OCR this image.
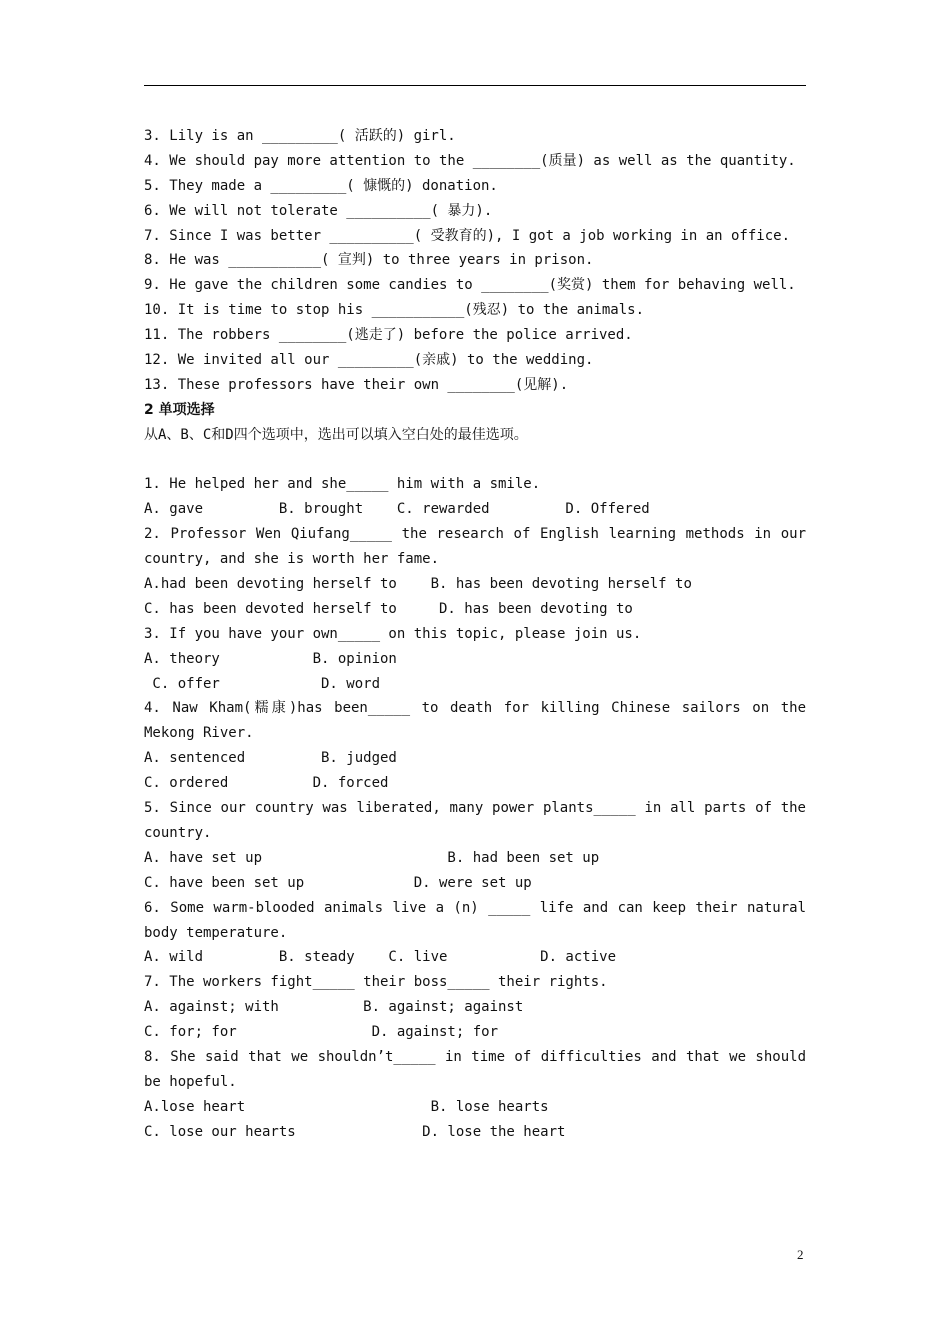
3. Lily is an _________( 活跃的) girl.
4. We should pay more attention to the ________(质量) as well as the quantity.
5. They made a _________( 慷慨的) donation.
6. We will not tolerate __________( 暴力).
7. Since I was better __________( 受教育的), I got a job working in an office.
8. He was ___________( 宣判) to three years in prison.
9. He gave the children some candies to ________(奖赏) them for behaving well.
10. It is time to stop his ___________(残忍) to the animals.
11. The robbers ________(逃走了) before the police arrived.
12. We invited all our _________(亲戚) to the wedding.
13. These professors have their own ________(见解).
2 单项选择
从A、B、C和D四个选项中，选出可以填入空白处的最佳选项。
1. He helped her and she_____ him with a smile.
A. gave         B. brought    C. rewarded         D. Offered
2. Professor Wen Qiufang_____ the research of English learning methods in our
country, and she is worth her fame.
A.had been devoting herself to    B. has been devoting herself to
C. has been devoted herself to     D. has been devoting to
3. If you have your own_____ on this topic, please join us.
A. theory           B. opinion
C. offer            D. word
4. Naw Kham(糯康)has been_____ to death for killing Chinese sailors on the
Mekong River.
A. sentenced         B. judged
C. ordered          D. forced
5. Since our country was liberated, many power plants_____ in all parts of the
country.
A. have set up                      B. had been set up
C. have been set up             D. were set up
6. Some warm-blooded animals live a (n) _____ life and can keep their natural
body temperature.
A. wild         B. steady    C. live           D. active
7. The workers fight_____ their boss_____ their rights.
A. against; with          B. against; against
C. for; for                D. against; for
8. She said that we shouldn’t_____ in time of difficulties and that we should
be hopeful.
A.lose heart                      B. lose hearts
C. lose our hearts               D. lose the heart
2
